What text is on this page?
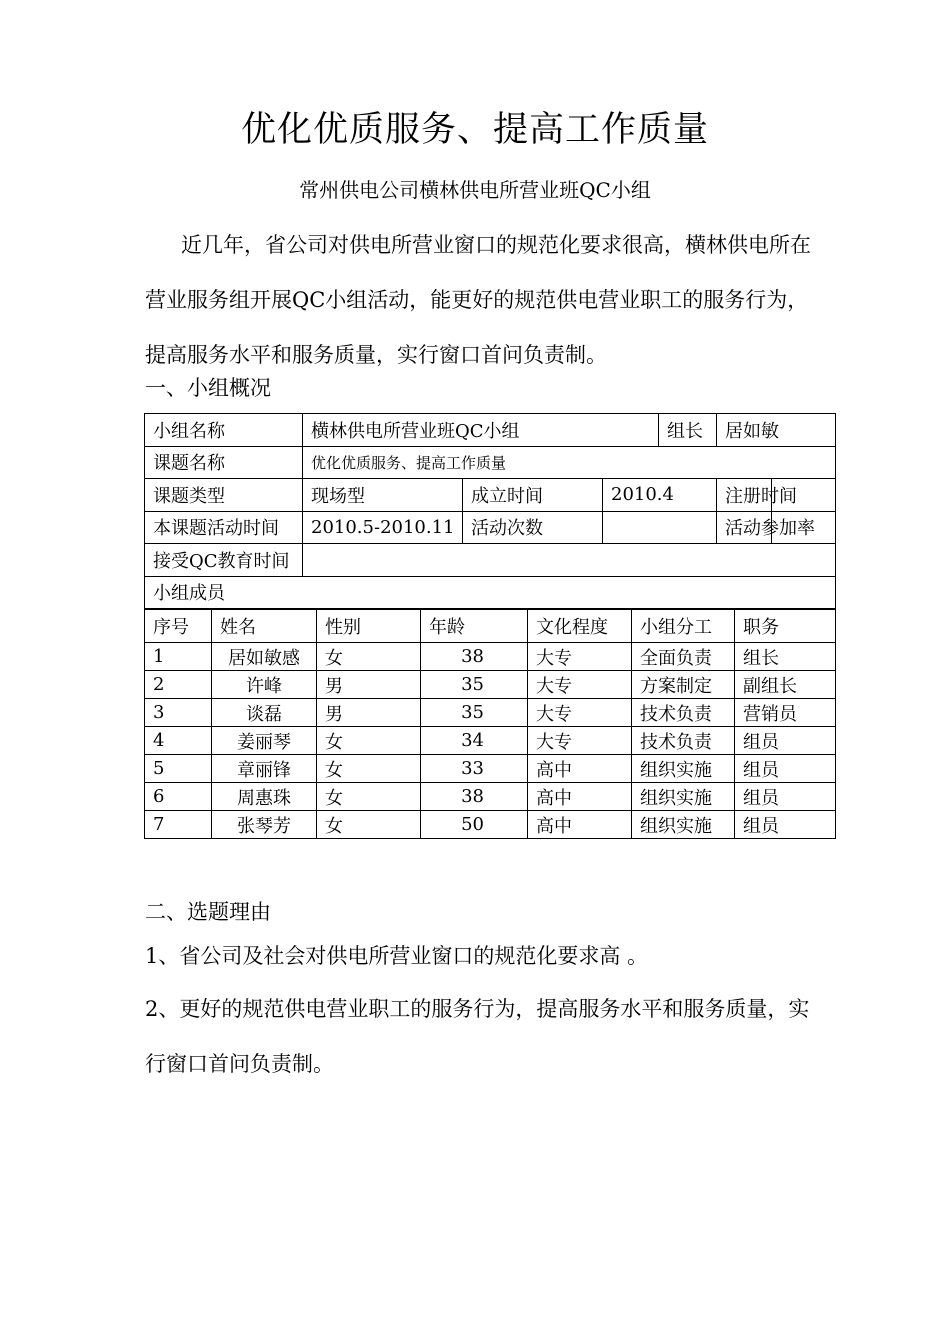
优化优质服务、提高工作质量
常州供电公司横林供电所营业班QC小组

近几年，省公司对供电所营业窗口的规范化要求很高，横林供电所在营业服务组开展QC小组活动，能更好的规范供电营业职工的服务行为，提高服务水平和服务质量，实行窗口首问负责制。

一、小组概况
小组名称	横林供电所营业班QC小组			组长	居如敏	
课题名称	优化优质服务、提高工作质量					
课题类型	现场型	成立时间	2010.4		注册时间	
本课题活动时间	2010.5-2010.11	活动次数			活动参加率	
接受QC教育时间						
小组成员						
序号	姓名	性别	年龄	文化程度	小组分工	职务
1	居如敏感	女	38	大专	全面负责	组长
2	许峰	男	35	大专	方案制定	副组长
3	谈磊	男	35	大专	技术负责	营销员
4	姜丽琴	女	34	大专	技术负责	组员
5	章丽锋	女	33	高中	组织实施	组员
6	周惠珠	女	38	高中	组织实施	组员
7	张琴芳	女	50	高中	组织实施	组员
二、选题理由

1、省公司及社会对供电所营业窗口的规范化要求高 。

2、更好的规范供电营业职工的服务行为，提高服务水平和服务质量，实行窗口首问负责制。
